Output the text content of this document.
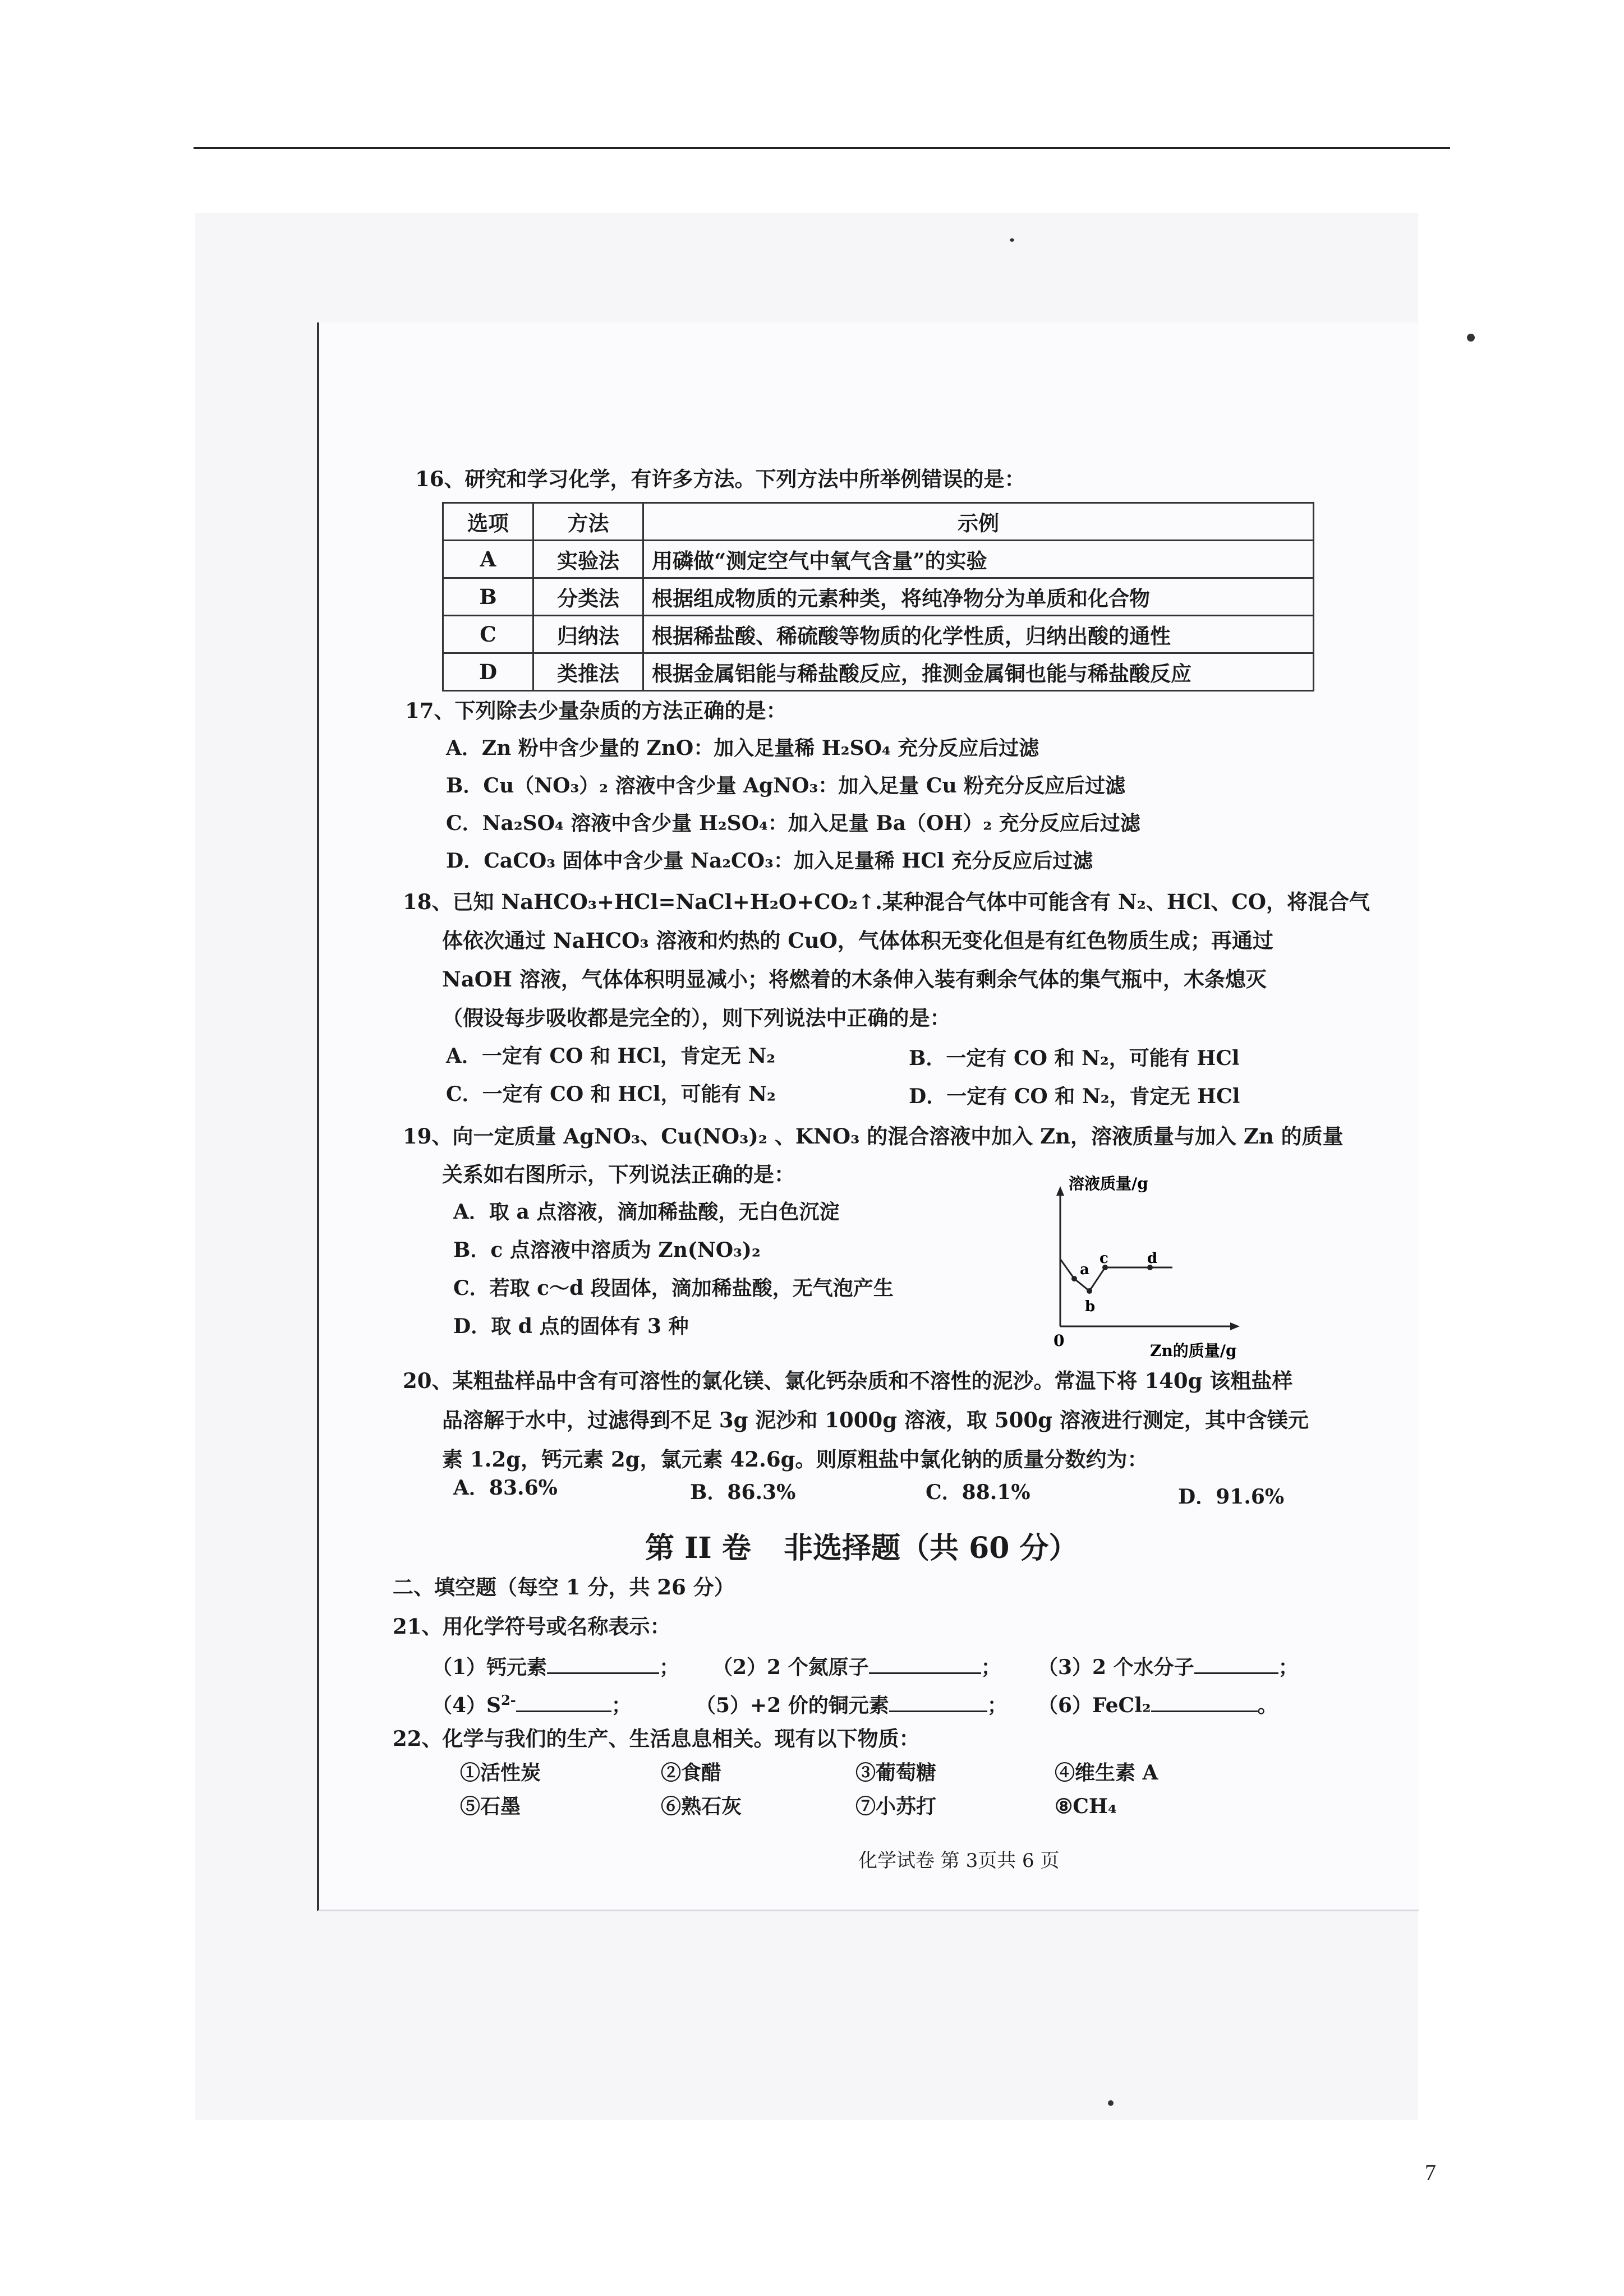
16、研究和学习化学，有许多方法。下列方法中所举例错误的是：
选项	方法	示例
A	实验法	用磷做“测定空气中氧气含量”的实验
B	分类法	根据组成物质的元素种类，将纯净物分为单质和化合物
C	归纳法	根据稀盐酸、稀硫酸等物质的化学性质，归纳出酸的通性
D	类推法	根据金属铝能与稀盐酸反应，推测金属铜也能与稀盐酸反应
17、下列除去少量杂质的方法正确的是：
A．Zn 粉中含少量的 ZnO：加入足量稀 H₂SO₄ 充分反应后过滤
B．Cu（NO₃）₂ 溶液中含少量 AgNO₃：加入足量 Cu 粉充分反应后过滤
C．Na₂SO₄ 溶液中含少量 H₂SO₄：加入足量 Ba（OH）₂ 充分反应后过滤
D．CaCO₃ 固体中含少量 Na₂CO₃：加入足量稀 HCl 充分反应后过滤
18、已知 NaHCO₃+HCl=NaCl+H₂O+CO₂↑.某种混合气体中可能含有 N₂、HCl、CO，将混合气
体依次通过 NaHCO₃ 溶液和灼热的 CuO，气体体积无变化但是有红色物质生成；再通过
NaOH 溶液，气体体积明显减小；将燃着的木条伸入装有剩余气体的集气瓶中，木条熄灭
（假设每步吸收都是完全的），则下列说法中正确的是：
A．一定有 CO 和 HCl，肯定无 N₂	B．一定有 CO 和 N₂，可能有 HCl
C．一定有 CO 和 HCl，可能有 N₂	D．一定有 CO 和 N₂，肯定无 HCl
19、向一定质量 AgNO₃、Cu(NO₃)₂ 、KNO₃ 的混合溶液中加入 Zn，溶液质量与加入 Zn 的质量
关系如右图所示，下列说法正确的是：
A．取 a 点溶液，滴加稀盐酸，无白色沉淀
B．c 点溶液中溶质为 Zn(NO₃)₂
C．若取 c～d 段固体，滴加稀盐酸，无气泡产生
D．取 d 点的固体有 3 种
溶液质量/g
Zn的质量/g
0
a
b
c	d
20、某粗盐样品中含有可溶性的氯化镁、氯化钙杂质和不溶性的泥沙。常温下将 140g 该粗盐样
品溶解于水中，过滤得到不足 3g 泥沙和 1000g 溶液，取 500g 溶液进行测定，其中含镁元
素 1.2g，钙元素 2g，氯元素 42.6g。则原粗盐中氯化钠的质量分数约为：
A．83.6%	B．86.3%	C．88.1%	D．91.6%
第 II 卷 非选择题（共 60 分）
二、填空题（每空 1 分，共 26 分）
21、用化学符号或名称表示：
（1）钙元素	； （2）2 个氮原子	； （3）2 个水分子	；
$(4)S^{2-}$	；	（5）+2 价的铜元素	； （6）FeCl₂	。
22、化学与我们的生产、生活息息相关。现有以下物质：
①活性炭	②食醋	③葡萄糖	④维生素 A
⑤石墨	⑥熟石灰	⑦小苏打	⑧CH₄
化学试卷 第 3页共 6 页
7
